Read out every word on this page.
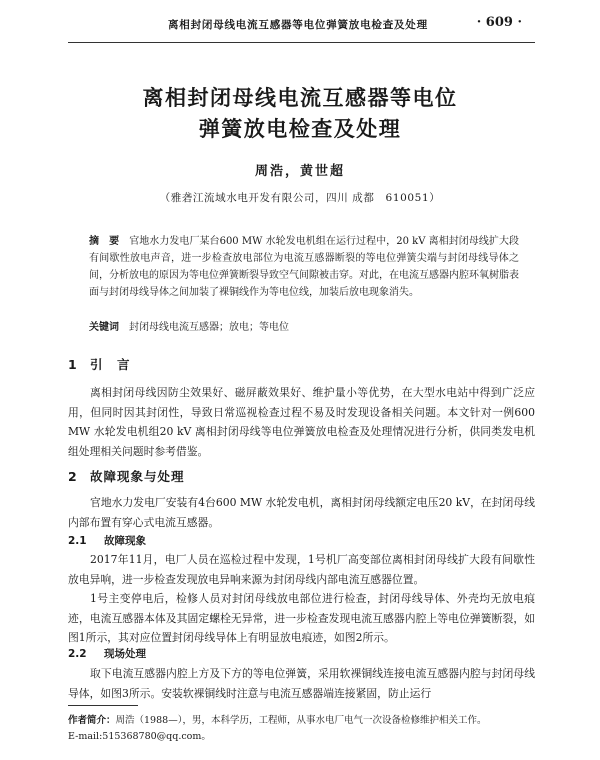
离相封闭母线电流互感器等电位弹簧放电检查及处理	· 609 ·
离相封闭母线电流互感器等电位
弹簧放电检查及处理
周浩，黄世超
（雅砻江流域水电开发有限公司，四川 成都　610051）
摘　要　 官地水力发电厂某台600 MW 水轮发电机组在运行过程中，20 kV 离相封闭母线扩大段有间歇性放电声音，进一步检查放电部位为电流互感器断裂的等电位弹簧尖端与封闭母线导体之间，分析放电的原因为等电位弹簧断裂导致空气间隙被击穿。对此，在电流互感器内腔环氧树脂表面与封闭母线导体之间加装了裸铜线作为等电位线，加装后放电现象消失。
关键词　 封闭母线电流互感器；放电；等电位
1 引　言
离相封闭母线因防尘效果好、磁屏蔽效果好、维护量小等优势，在大型水电站中得到广泛应用，但同时因其封闭性，导致日常巡视检查过程不易及时发现设备相关问题。本文针对一例600 MW 水轮发电机组20 kV 离相封闭母线等电位弹簧放电检查及处理情况进行分析，供同类发电机组处理相关问题时参考借鉴。
2 故障现象与处理
官地水力发电厂安装有4台600 MW 水轮发电机，离相封闭母线额定电压20 kV，在封闭母线内部布置有穿心式电流互感器。
2.1 故障现象
2017年11月，电厂人员在巡检过程中发现，1号机厂高变部位离相封闭母线扩大段有间歇性放电异响，进一步检查发现放电异响来源为封闭母线内部电流互感器位置。
1号主变停电后，检修人员对封闭母线放电部位进行检查，封闭母线导体、外壳均无放电痕迹，电流互感器本体及其固定螺栓无异常，进一步检查发现电流互感器内腔上等电位弹簧断裂，如图1所示，其对应位置封闭母线导体上有明显放电痕迹，如图2所示。
2.2 现场处理
取下电流互感器内腔上方及下方的等电位弹簧，采用软裸铜线连接电流互感器内腔与封闭母线导体，如图3所示。安装软裸铜线时注意与电流互感器端连接紧固，防止运行
作者简介：周浩（1988—），男，本科学历，工程师，从事水电厂电气一次设备检修维护相关工作。
E-mail:515368780@qq.com。
